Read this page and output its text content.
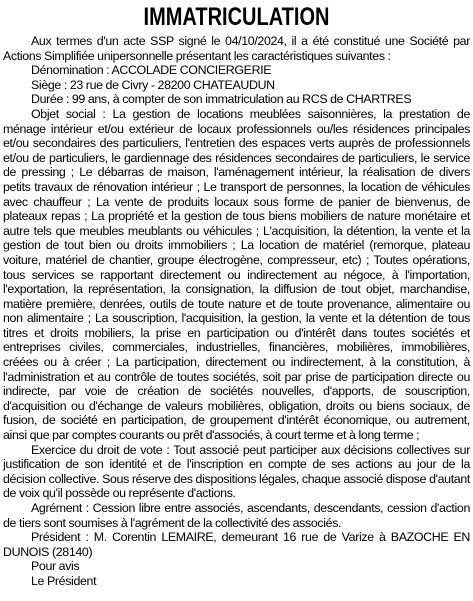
IMMATRICULATION

Aux termes d'un acte SSP signé le 04/10/2024, il a été constitué une Société par Actions Simplifiée unipersonnelle présentant les caractéristiques suivantes :

Dénomination : ACCOLADE CONCIERGERIE

Siège : 23 rue de Civry - 28200 CHATEAUDUN

Durée : 99 ans, à compter de son immatriculation au RCS de CHARTRES

Objet social : La gestion de locations meublées saisonnières, la prestation de ménage intérieur et/ou extérieur de locaux professionnels ou/les résidences principales et/ou secondaires des particuliers, l'entretien des espaces verts auprès de professionnels et/ou de particuliers, le gardiennage des résidences secondaires de particuliers, le service de pressing ; Le débarras de maison, l'aménagement intérieur, la réalisation de divers petits travaux de rénovation intérieur ; Le transport de personnes, la location de véhicules avec chauffeur ; La vente de produits locaux sous forme de panier de bienvenus, de plateaux repas ; La propriété et la gestion de tous biens mobiliers de nature monétaire et autre tels que meubles meublants ou véhicules ; L'acquisition, la détention, la vente et la gestion de tout bien ou droits immobiliers ; La location de matériel (remorque, plateau voiture, matériel de chantier, groupe électrogène, compresseur, etc) ; Toutes opérations, tous services se rapportant directement ou indirectement au négoce, à l'importation, l'exportation, la représentation, la consignation, la diffusion de tout objet, marchandise, matière première, denrées, outils de toute nature et de toute provenance, alimentaire ou non alimentaire ; La souscription, l'acquisition, la gestion, la vente et la détention de tous titres et droits mobiliers, la prise en participation ou d'intérêt dans toutes sociétés et entreprises civiles, commerciales, industrielles, financières, mobilières, immobilières, créées ou à créer ; La participation, directement ou indirectement, à la constitution, à l'administration et au contrôle de toutes sociétés, soit par prise de participation directe ou indirecte, par voie de création de sociétés nouvelles, d'apports, de souscription, d'acquisition ou d'échange de valeurs mobilières, obligation, droits ou biens sociaux, de fusion, de société en participation, de groupement d'intérêt économique, ou autrement, ainsi que par comptes courants ou prêt d'associés, à court terme et à long terme ;

Exercice du droit de vote : Tout associé peut participer aux décisions collectives sur justification de son identité et de l'inscription en compte de ses actions au jour de la décision collective. Sous réserve des dispositions légales, chaque associé dispose d'autant de voix qu'il possède ou représente d'actions.

Agrément : Cession libre entre associés, ascendants, descendants, cession d'action de tiers sont soumises à l'agrément de la collectivité des associés.

Président : M. Corentin LEMAIRE, demeurant 16 rue de Varize à BAZOCHE EN DUNOIS (28140)

Pour avis

Le Président
